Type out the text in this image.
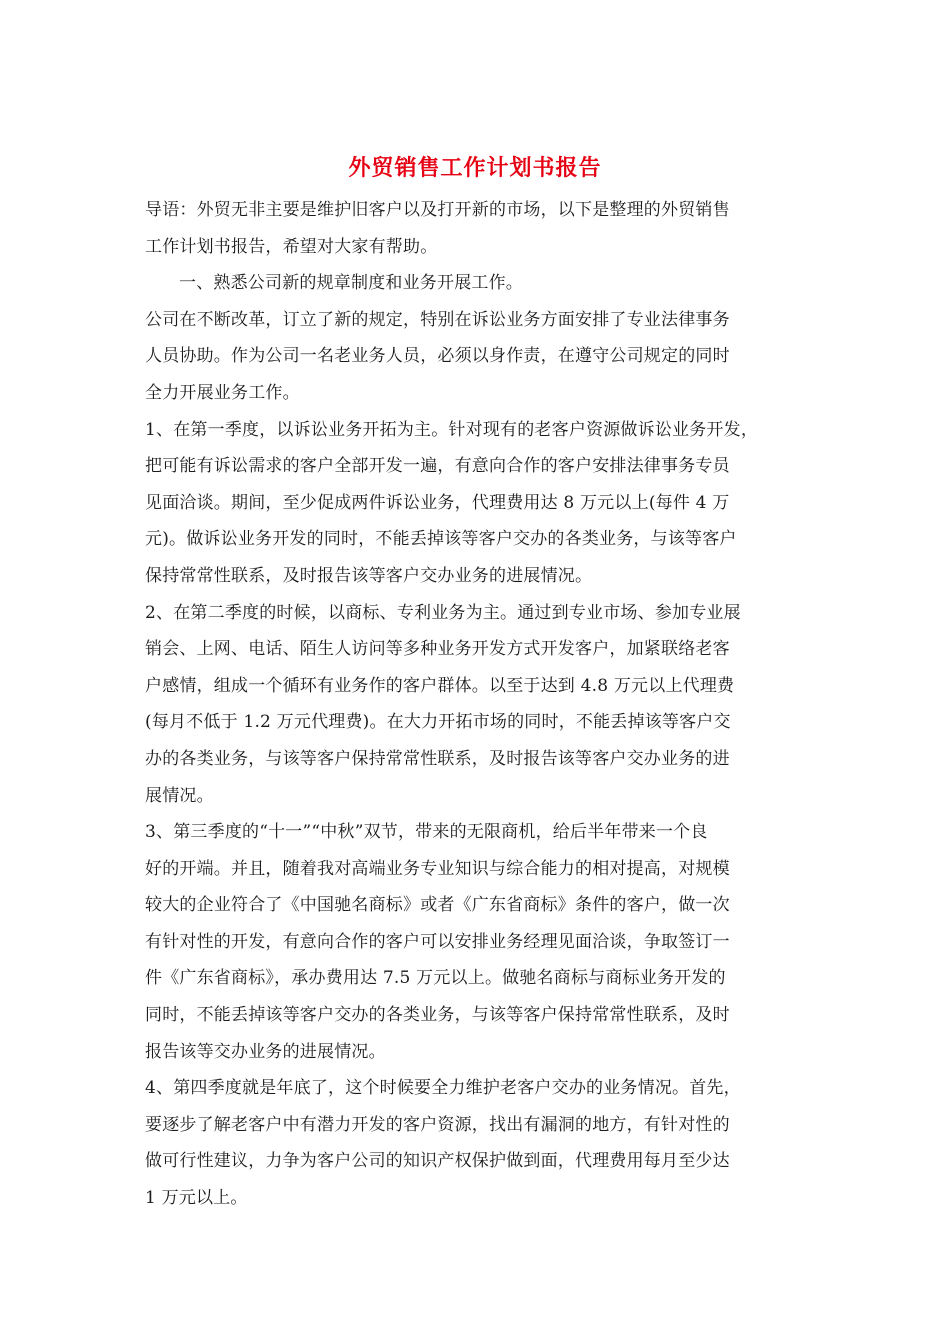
外贸销售工作计划书报告
导语：外贸无非主要是维护旧客户以及打开新的市场，以下是整理的外贸销售
工作计划书报告，希望对大家有帮助。
一、熟悉公司新的规章制度和业务开展工作。
公司在不断改革，订立了新的规定，特别在诉讼业务方面安排了专业法律事务
人员协助。作为公司一名老业务人员，必须以身作责，在遵守公司规定的同时
全力开展业务工作。
1、在第一季度，以诉讼业务开拓为主。针对现有的老客户资源做诉讼业务开发，
把可能有诉讼需求的客户全部开发一遍，有意向合作的客户安排法律事务专员
见面洽谈。期间，至少促成两件诉讼业务，代理费用达 8 万元以上(每件 4 万
元)。做诉讼业务开发的同时，不能丢掉该等客户交办的各类业务，与该等客户
保持常常性联系，及时报告该等客户交办业务的进展情况。
2、在第二季度的时候，以商标、专利业务为主。通过到专业市场、参加专业展
销会、上网、电话、陌生人访问等多种业务开发方式开发客户，加紧联络老客
户感情，组成一个循环有业务作的客户群体。以至于达到 4.8 万元以上代理费
(每月不低于 1.2 万元代理费)。在大力开拓市场的同时，不能丢掉该等客户交
办的各类业务，与该等客户保持常常性联系，及时报告该等客户交办业务的进
展情况。
3、第三季度的“十一”“中秋”双节，带来的无限商机，给后半年带来一个良
好的开端。并且，随着我对高端业务专业知识与综合能力的相对提高，对规模
较大的企业符合了《中国驰名商标》或者《广东省商标》条件的客户，做一次
有针对性的开发，有意向合作的客户可以安排业务经理见面洽谈，争取签订一
件《广东省商标》，承办费用达 7.5 万元以上。做驰名商标与商标业务开发的
同时，不能丢掉该等客户交办的各类业务，与该等客户保持常常性联系，及时
报告该等交办业务的进展情况。
4、第四季度就是年底了，这个时候要全力维护老客户交办的业务情况。首先，
要逐步了解老客户中有潜力开发的客户资源，找出有漏洞的地方，有针对性的
做可行性建议，力争为客户公司的知识产权保护做到面，代理费用每月至少达
1 万元以上。
